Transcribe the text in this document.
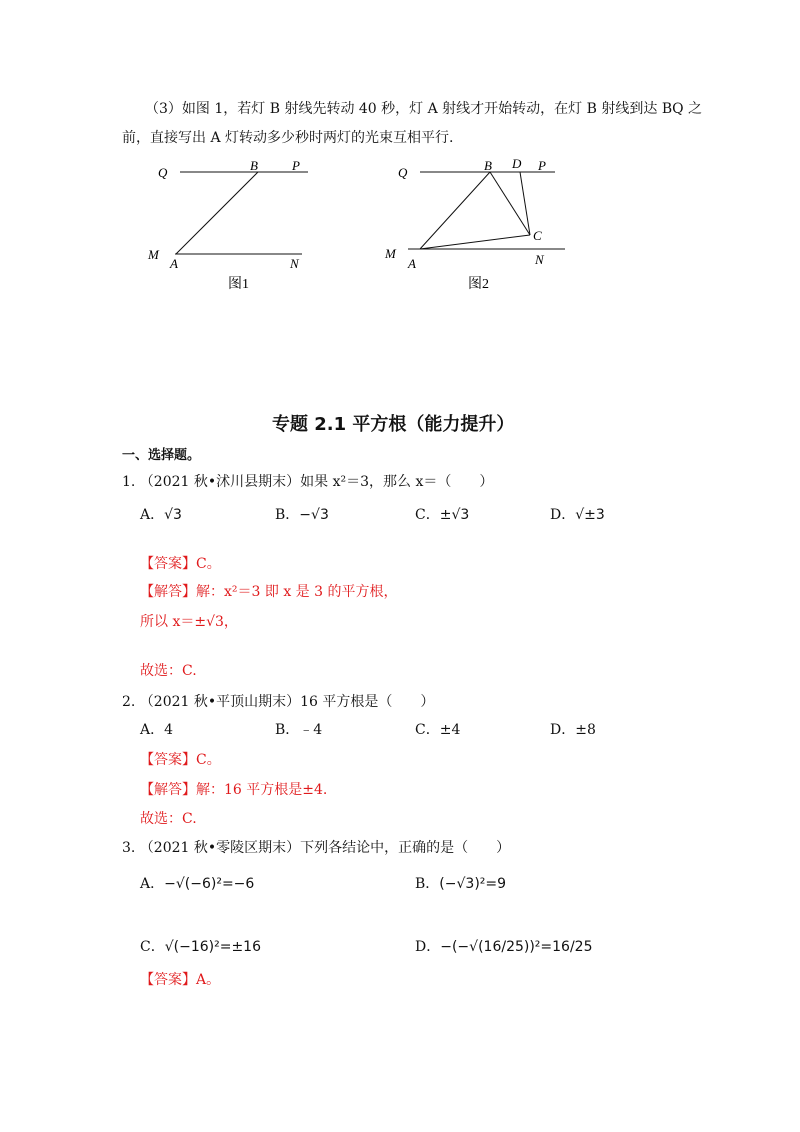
（3）如图 1，若灯 B 射线先转动 40 秒，灯 A 射线才开始转动，在灯 B 射线到达 BQ 之
前，直接写出 A 灯转动多少秒时两灯的光束互相平行.
Q	B	P
M
A	N
图1
Q	B D P
C
M
A	N
图2
专题 2.1 平方根（能力提升）
一、选择题。
1. （2021 秋•沭川县期末）如果 x²＝3，那么 x＝（　　）
A．√3	B．−√3	C．±√3	D．√±3
【答案】C。
【解答】解：x²＝3 即 x 是 3 的平方根，
所以 x＝±√3，
故选：C.
2. （2021 秋•平顶山期末）16 平方根是（　　）
A．4	B．﹣4	C．±4	D．±8
【答案】C。
【解答】解：16 平方根是±4.
故选：C.
3. （2021 秋•零陵区期末）下列各结论中，正确的是（　　）
A．−√(−6)²=−6	B．(−√3)²=9
C．√(−16)²=±16	D．−(−√(16/25))²=16/25
【答案】A。
